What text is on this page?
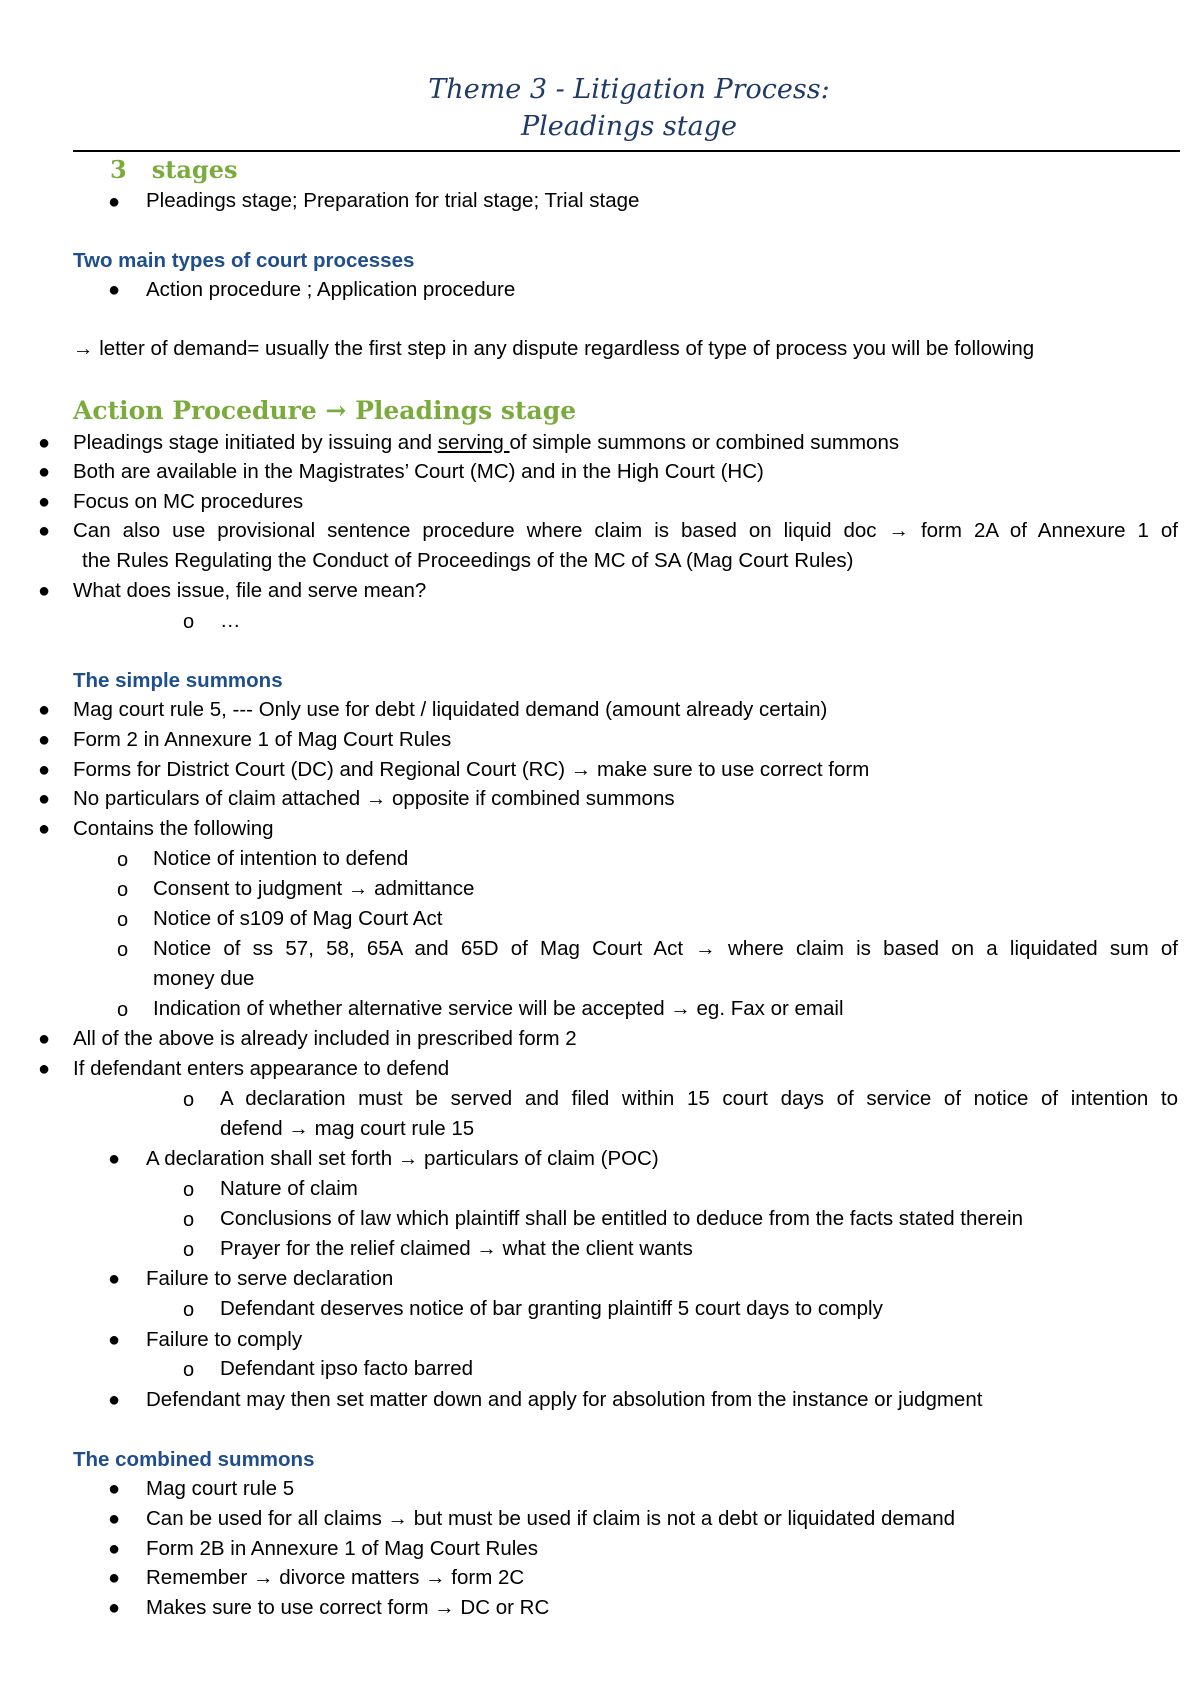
Theme 3 - Litigation Process:
Pleadings stage
3 stages
● Pleadings stage; Preparation for trial stage; Trial stage
Two main types of court processes
● Action procedure ; Application procedure
→ letter of demand= usually the first step in any dispute regardless of type of process you will be following
Action Procedure → Pleadings stage
● Pleadings stage initiated by issuing and serving of simple summons or combined summons
● Both are available in the Magistrates’ Court (MC) and in the High Court (HC)
● Focus on MC procedures
● Can also use provisional sentence procedure where claim is based on liquid doc → form 2A of Annexure 1 of
the Rules Regulating the Conduct of Proceedings of the MC of SA (Mag Court Rules)
● What does issue, file and serve mean?
o …
The simple summons
● Mag court rule 5, --- Only use for debt / liquidated demand (amount already certain)
● Form 2 in Annexure 1 of Mag Court Rules
● Forms for District Court (DC) and Regional Court (RC) → make sure to use correct form
● No particulars of claim attached → opposite if combined summons
● Contains the following
o Notice of intention to defend
o Consent to judgment → admittance
o Notice of s109 of Mag Court Act
o Notice of ss 57, 58, 65A and 65D of Mag Court Act → where claim is based on a liquidated sum of
money due
o Indication of whether alternative service will be accepted → eg. Fax or email
● All of the above is already included in prescribed form 2
● If defendant enters appearance to defend
o A declaration must be served and filed within 15 court days of service of notice of intention to
defend → mag court rule 15
● A declaration shall set forth → particulars of claim (POC)
o Nature of claim
o Conclusions of law which plaintiff shall be entitled to deduce from the facts stated therein
o Prayer for the relief claimed → what the client wants
● Failure to serve declaration
o Defendant deserves notice of bar granting plaintiff 5 court days to comply
● Failure to comply
o Defendant ipso facto barred
● Defendant may then set matter down and apply for absolution from the instance or judgment
The combined summons
● Mag court rule 5
● Can be used for all claims → but must be used if claim is not a debt or liquidated demand
● Form 2B in Annexure 1 of Mag Court Rules
● Remember → divorce matters → form 2C
● Makes sure to use correct form → DC or RC
